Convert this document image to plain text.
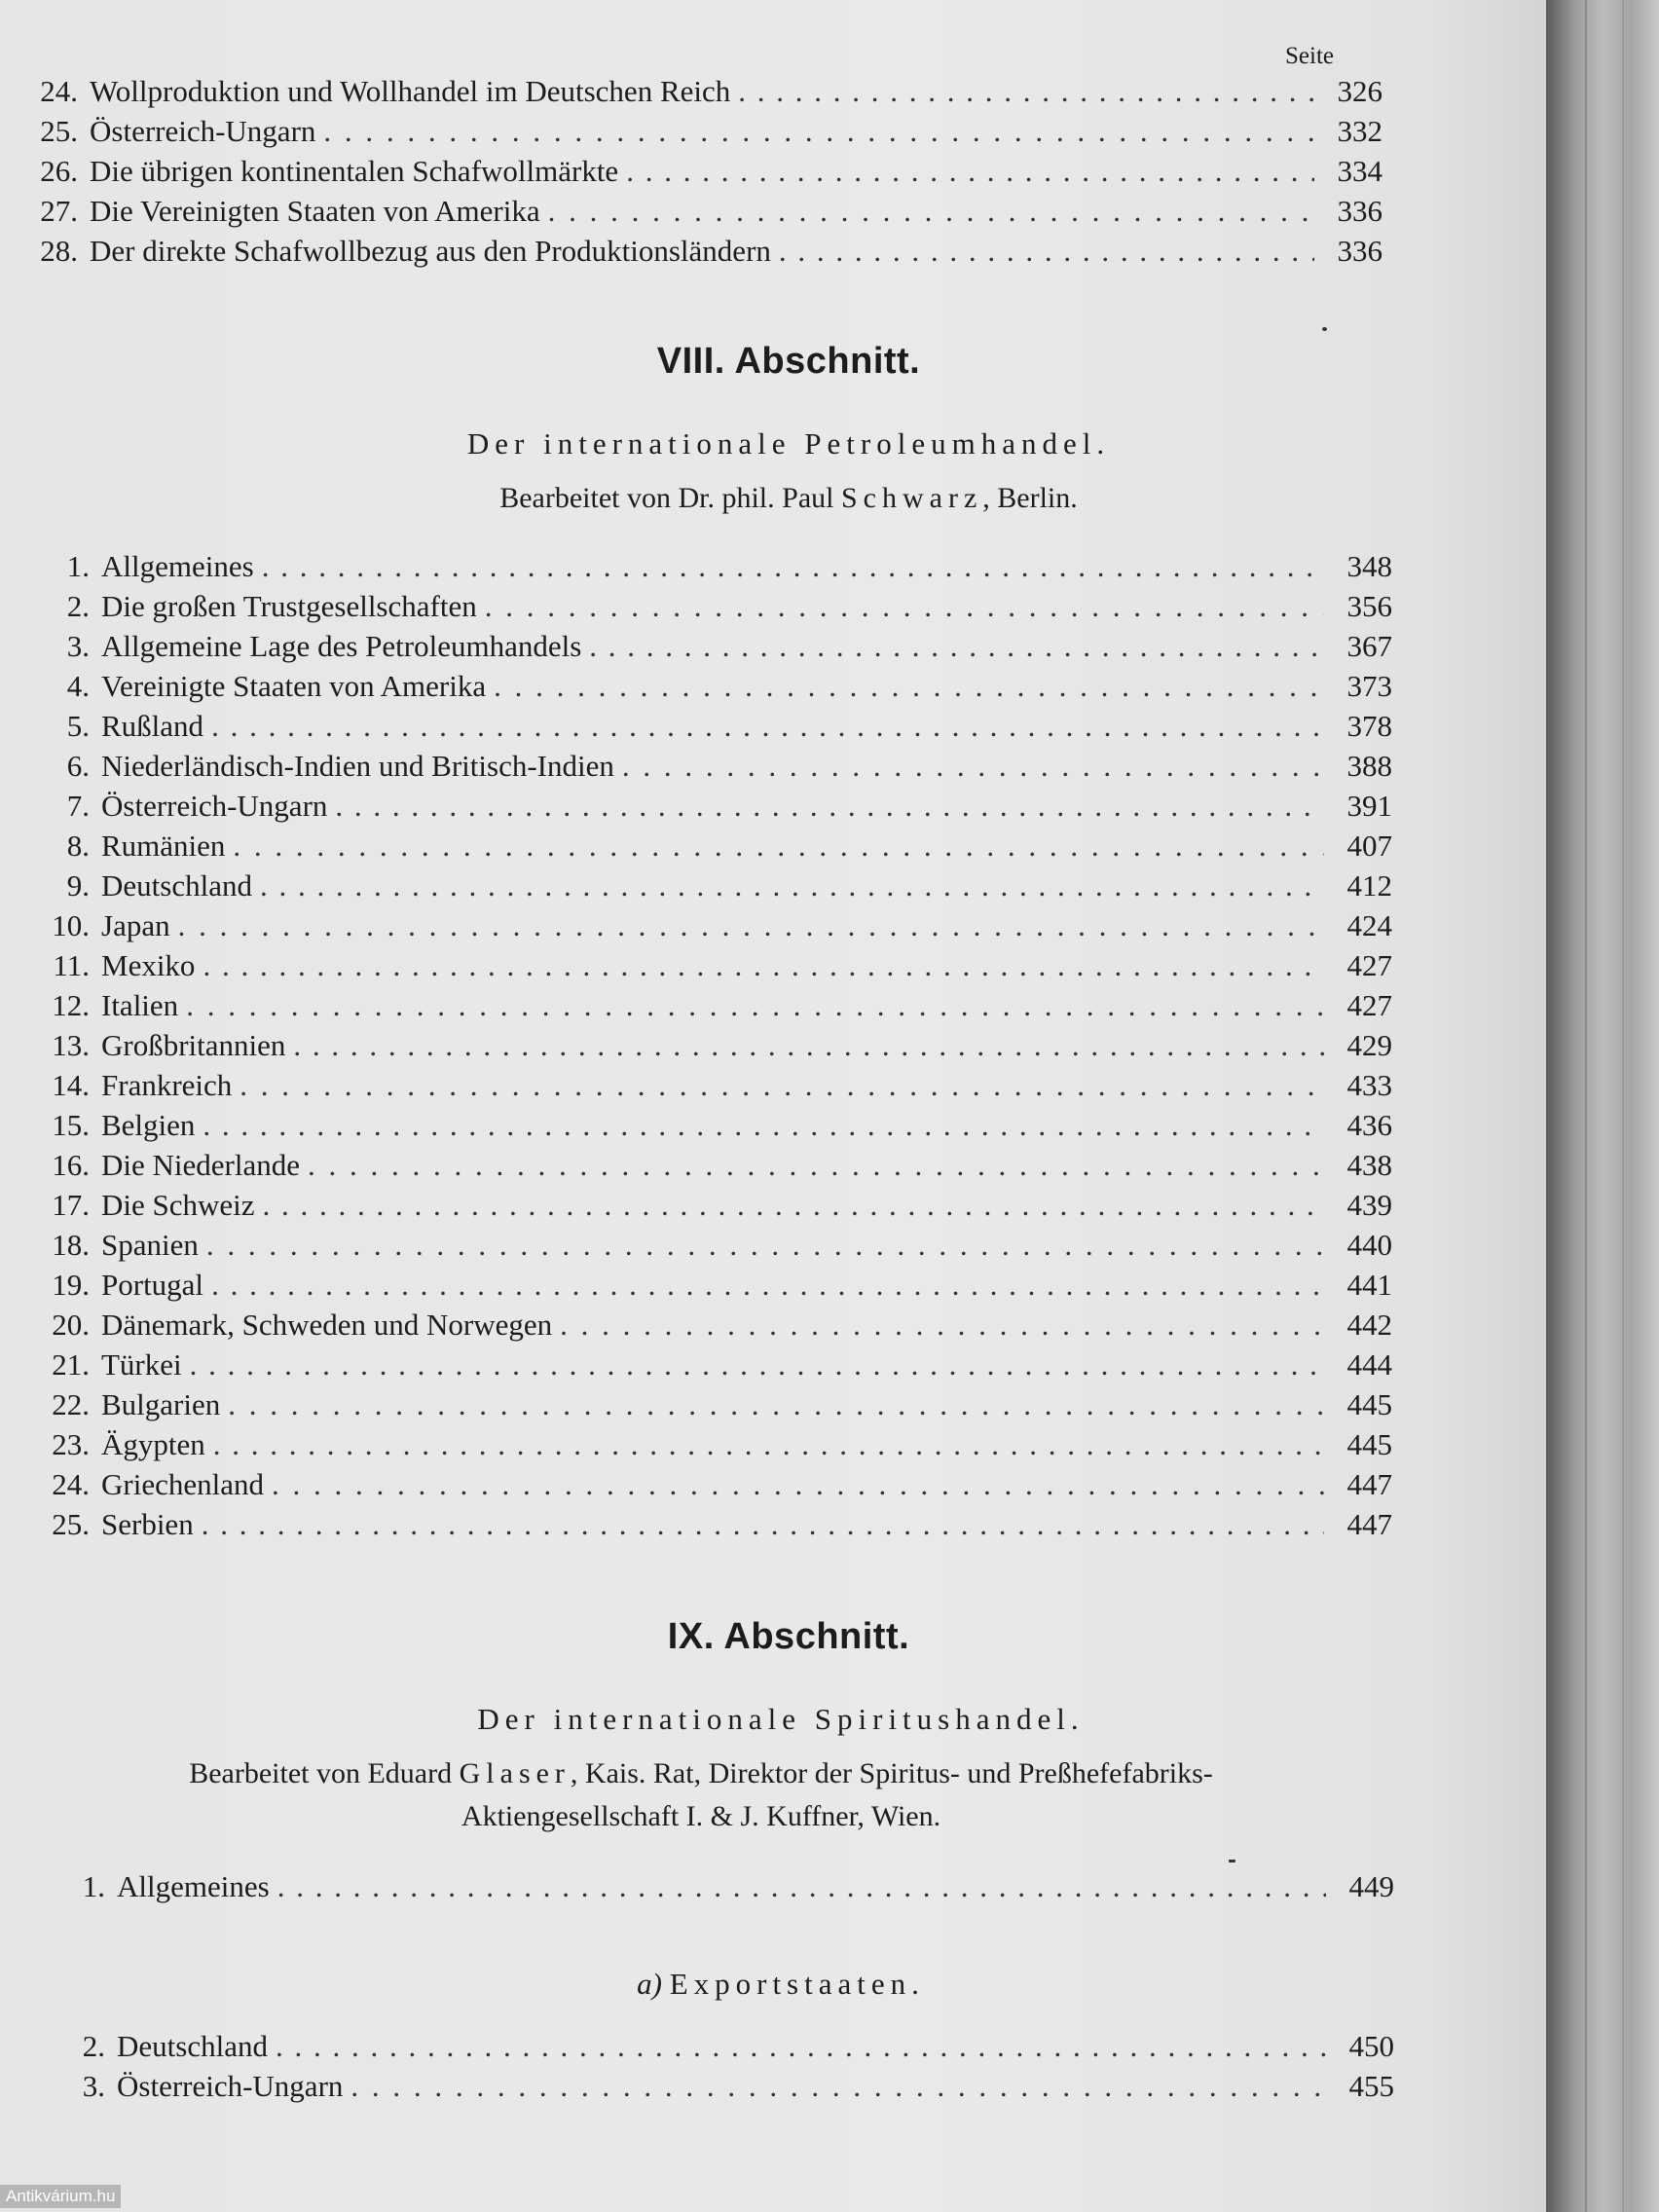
Seite
24. Wollproduktion und Wollhandel im Deutschen Reich . . .	326
25. Österreich-Ungarn . . .	332
26. Die übrigen kontinentalen Schafwollmärkte . . .	334
27. Die Vereinigten Staaten von Amerika . . .	336
28. Der direkte Schafwollbezug aus den Produktionsländern . . .	336
VIII. Abschnitt.
Der internationale Petroleumhandel.
Bearbeitet von Dr. phil. Paul Schwarz, Berlin.
1. Allgemeines . . .	348
2. Die großen Trustgesellschaften . . .	356
3. Allgemeine Lage des Petroleumhandels . . .	367
4. Vereinigte Staaten von Amerika . . .	373
5. Rußland . . .	378
6. Niederländisch-Indien und Britisch-Indien . . .	388
7. Österreich-Ungarn . . .	391
8. Rumänien . . .	407
9. Deutschland . . .	412
10. Japan . . .	424
11. Mexiko . . .	427
12. Italien . . .	427
13. Großbritannien . . .	429
14. Frankreich . . .	433
15. Belgien . . .	436
16. Die Niederlande . . .	438
17. Die Schweiz . . .	439
18. Spanien . . .	440
19. Portugal . . .	441
20. Dänemark, Schweden und Norwegen . . .	442
21. Türkei . . .	444
22. Bulgarien . . .	445
23. Ägypten . . .	445
24. Griechenland . . .	447
25. Serbien . . .	447
IX. Abschnitt.
Der internationale Spiritushandel.
Bearbeitet von Eduard Glaser, Kais. Rat, Direktor der Spiritus- und Preßhefefabriks-
Aktiengesellschaft I. & J. Kuffner, Wien.
1. Allgemeines . . .	449
a) Exportstaaten.
2. Deutschland . . .	450
3. Österreich-Ungarn . . .	455
Antikvárium.hu
